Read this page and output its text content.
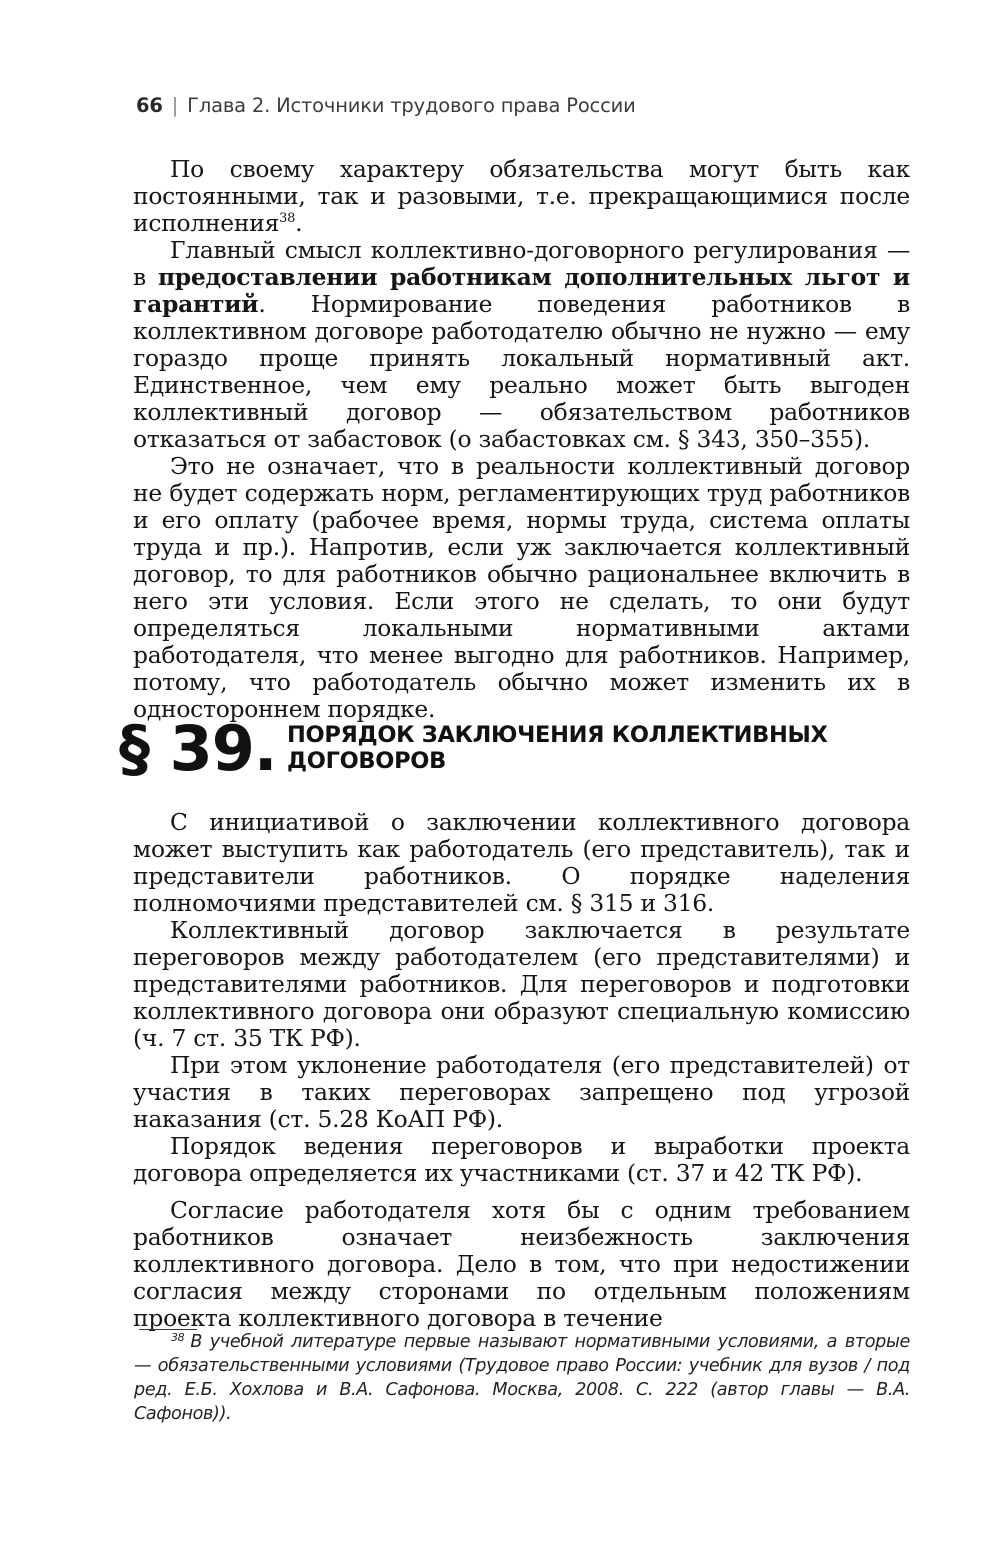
66 | Глава 2. Источники трудового права России

По своему характеру обязательства могут быть как постоянными, так и разовыми, т.е. прекращающимися после исполнения$^{38}$.

Главный смысл коллективно-договорного регулирования — в предоставлении работникам дополнительных льгот и гарантий. Нормирование поведения работников в коллективном договоре работодателю обычно не нужно — ему гораздо проще принять локальный нормативный акт. Единственное, чем ему реально может быть выгоден коллективный договор — обязательством работников отказаться от забастовок (о забастовках см. § 343, 350–355).

Это не означает, что в реальности коллективный договор не будет содержать норм, регламентирующих труд работников и его оплату (рабочее время, нормы труда, система оплаты труда и пр.). Напротив, если уж заключается коллективный договор, то для работников обычно рациональнее включить в него эти условия. Если этого не сделать, то они будут определяться локальными нормативными актами работодателя, что менее выгодно для работников. Например, потому, что работодатель обычно может изменить их в одностороннем порядке.

§ 39. ПОРЯДОК ЗАКЛЮЧЕНИЯ КОЛЛЕКТИВНЫХ
ДОГОВОРОВ

С инициативой о заключении коллективного договора может выступить как работодатель (его представитель), так и представители работников. О порядке наделения полномочиями представителей см. § 315 и 316.

Коллективный договор заключается в результате переговоров между работодателем (его представителями) и представителями работников. Для переговоров и подготовки коллективного договора они образуют специальную комиссию (ч. 7 ст. 35 ТК РФ).

При этом уклонение работодателя (его представителей) от участия в таких переговорах запрещено под угрозой наказания (ст. 5.28 КоАП РФ).

Порядок ведения переговоров и выработки проекта договора определяется их участниками (ст. 37 и 42 ТК РФ).

Согласие работодателя хотя бы с одним требованием работников означает неизбежность заключения коллективного договора. Дело в том, что при недостижении согласия между сторонами по отдельным положениям проекта коллективного договора в течение

$^{38}$ В учебной литературе первые называют нормативными условиями, а вторые — обязательственными условиями (Трудовое право России: учебник для вузов / под ред. Е.Б. Хохлова и В.А. Сафонова. Москва, 2008. С. 222 (автор главы — В.А. Сафонов)).
